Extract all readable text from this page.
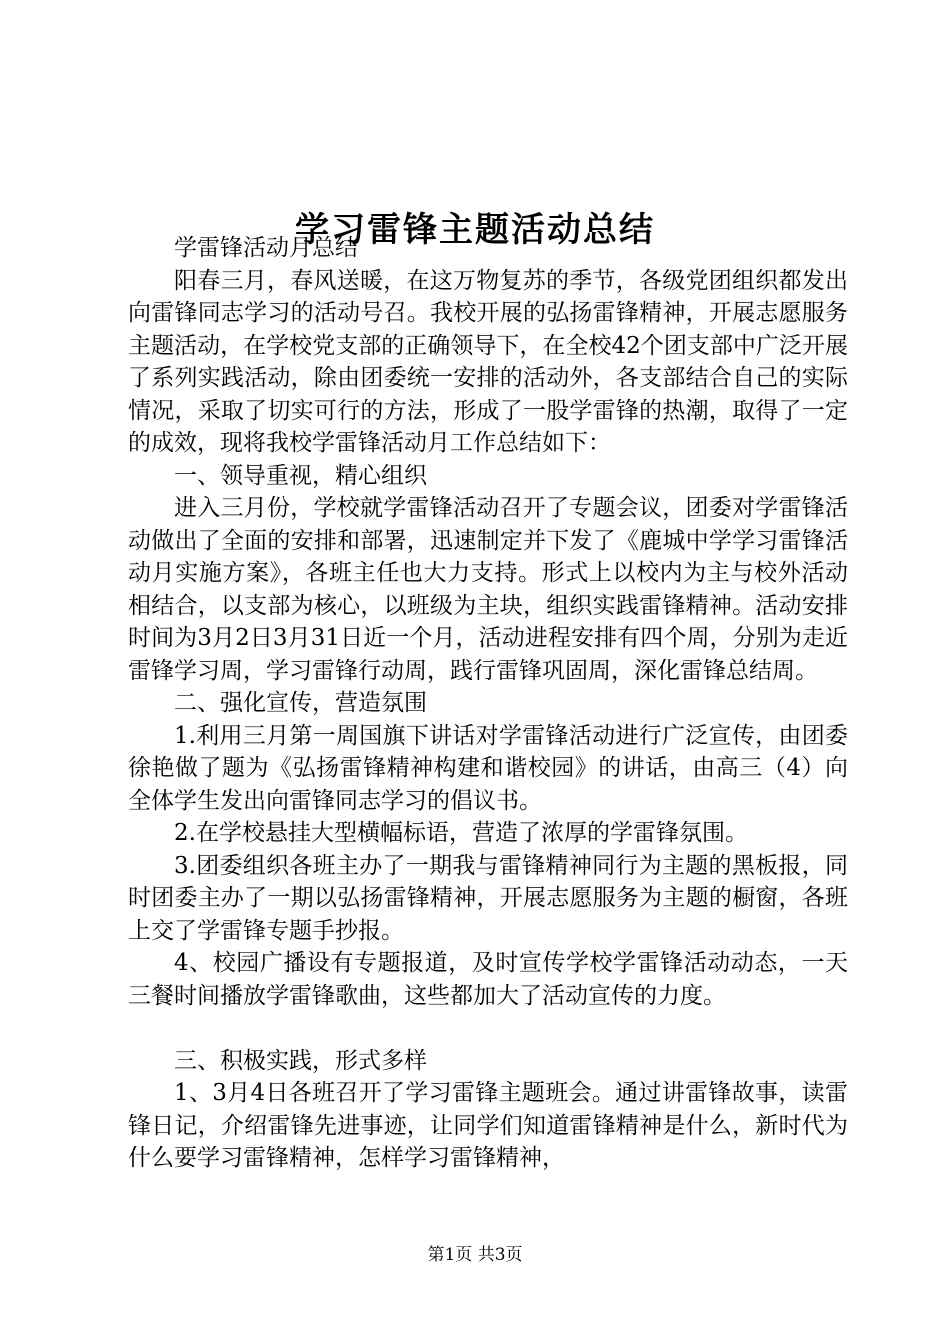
学习雷锋主题活动总结

学雷锋活动月总结

阳春三月，春风送暖，在这万物复苏的季节，各级党团组织都发出向雷锋同志学习的活动号召。我校开展的弘扬雷锋精神，开展志愿服务主题活动，在学校党支部的正确领导下，在全校42个团支部中广泛开展了系列实践活动，除由团委统一安排的活动外，各支部结合自己的实际情况，采取了切实可行的方法，形成了一股学雷锋的热潮，取得了一定的成效，现将我校学雷锋活动月工作总结如下：

一、领导重视，精心组织

进入三月份，学校就学雷锋活动召开了专题会议，团委对学雷锋活动做出了全面的安排和部署，迅速制定并下发了《鹿城中学学习雷锋活动月实施方案》，各班主任也大力支持。形式上以校内为主与校外活动相结合，以支部为核心，以班级为主块，组织实践雷锋精神。活动安排时间为3月2日3月31日近一个月，活动进程安排有四个周，分别为走近雷锋学习周，学习雷锋行动周，践行雷锋巩固周，深化雷锋总结周。

二、强化宣传，营造氛围

1.利用三月第一周国旗下讲话对学雷锋活动进行广泛宣传，由团委徐艳做了题为《弘扬雷锋精神构建和谐校园》的讲话，由高三（4）向全体学生发出向雷锋同志学习的倡议书。

2.在学校悬挂大型横幅标语，营造了浓厚的学雷锋氛围。

3.团委组织各班主办了一期我与雷锋精神同行为主题的黑板报，同时团委主办了一期以弘扬雷锋精神，开展志愿服务为主题的橱窗，各班上交了学雷锋专题手抄报。

4、校园广播设有专题报道，及时宣传学校学雷锋活动动态，一天三餐时间播放学雷锋歌曲，这些都加大了活动宣传的力度。

三、积极实践，形式多样

1、3月4日各班召开了学习雷锋主题班会。通过讲雷锋故事，读雷锋日记，介绍雷锋先进事迹，让同学们知道雷锋精神是什么，新时代为什么要学习雷锋精神，怎样学习雷锋精神，

第1页 共3页
